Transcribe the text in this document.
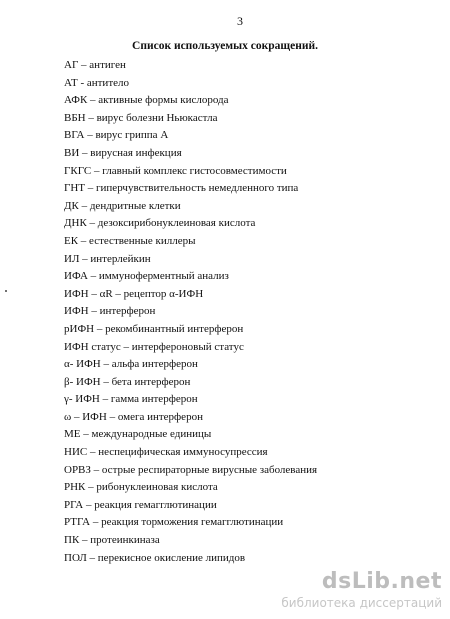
3
Список используемых сокращений.
АГ – антиген
АТ - антитело
АФК – активные формы кислорода
ВБН – вирус болезни Ньюкастла
ВГА – вирус гриппа А
ВИ – вирусная инфекция
ГКГС – главный комплекс гистосовместимости
ГНТ – гиперчувствительность немедленного типа
ДК – дендритные клетки
ДНК – дезоксирибонуклеиновая кислота
ЕК – естественные киллеры
ИЛ – интерлейкин
ИФА – иммуноферментный анализ
ИФН – αR – рецептор α-ИФН
ИФН – интерферон
рИФН – рекомбинантный интерферон
ИФН статус – интерфероновый статус
α- ИФН – альфа интерферон
β- ИФН – бета интерферон
γ- ИФН – гамма интерферон
ω – ИФН – омега интерферон
МЕ – международные единицы
НИС – неспецифическая иммуносупрессия
ОРВЗ – острые респираторные вирусные заболевания
РНК – рибонуклеиновая кислота
РГА – реакция гемагглютинации
РТГА – реакция торможения гемагглютинации
ПК – протеинкиназа
ПОЛ – перекисное окисление липидов
dsLib.net
библиотека диссертаций
